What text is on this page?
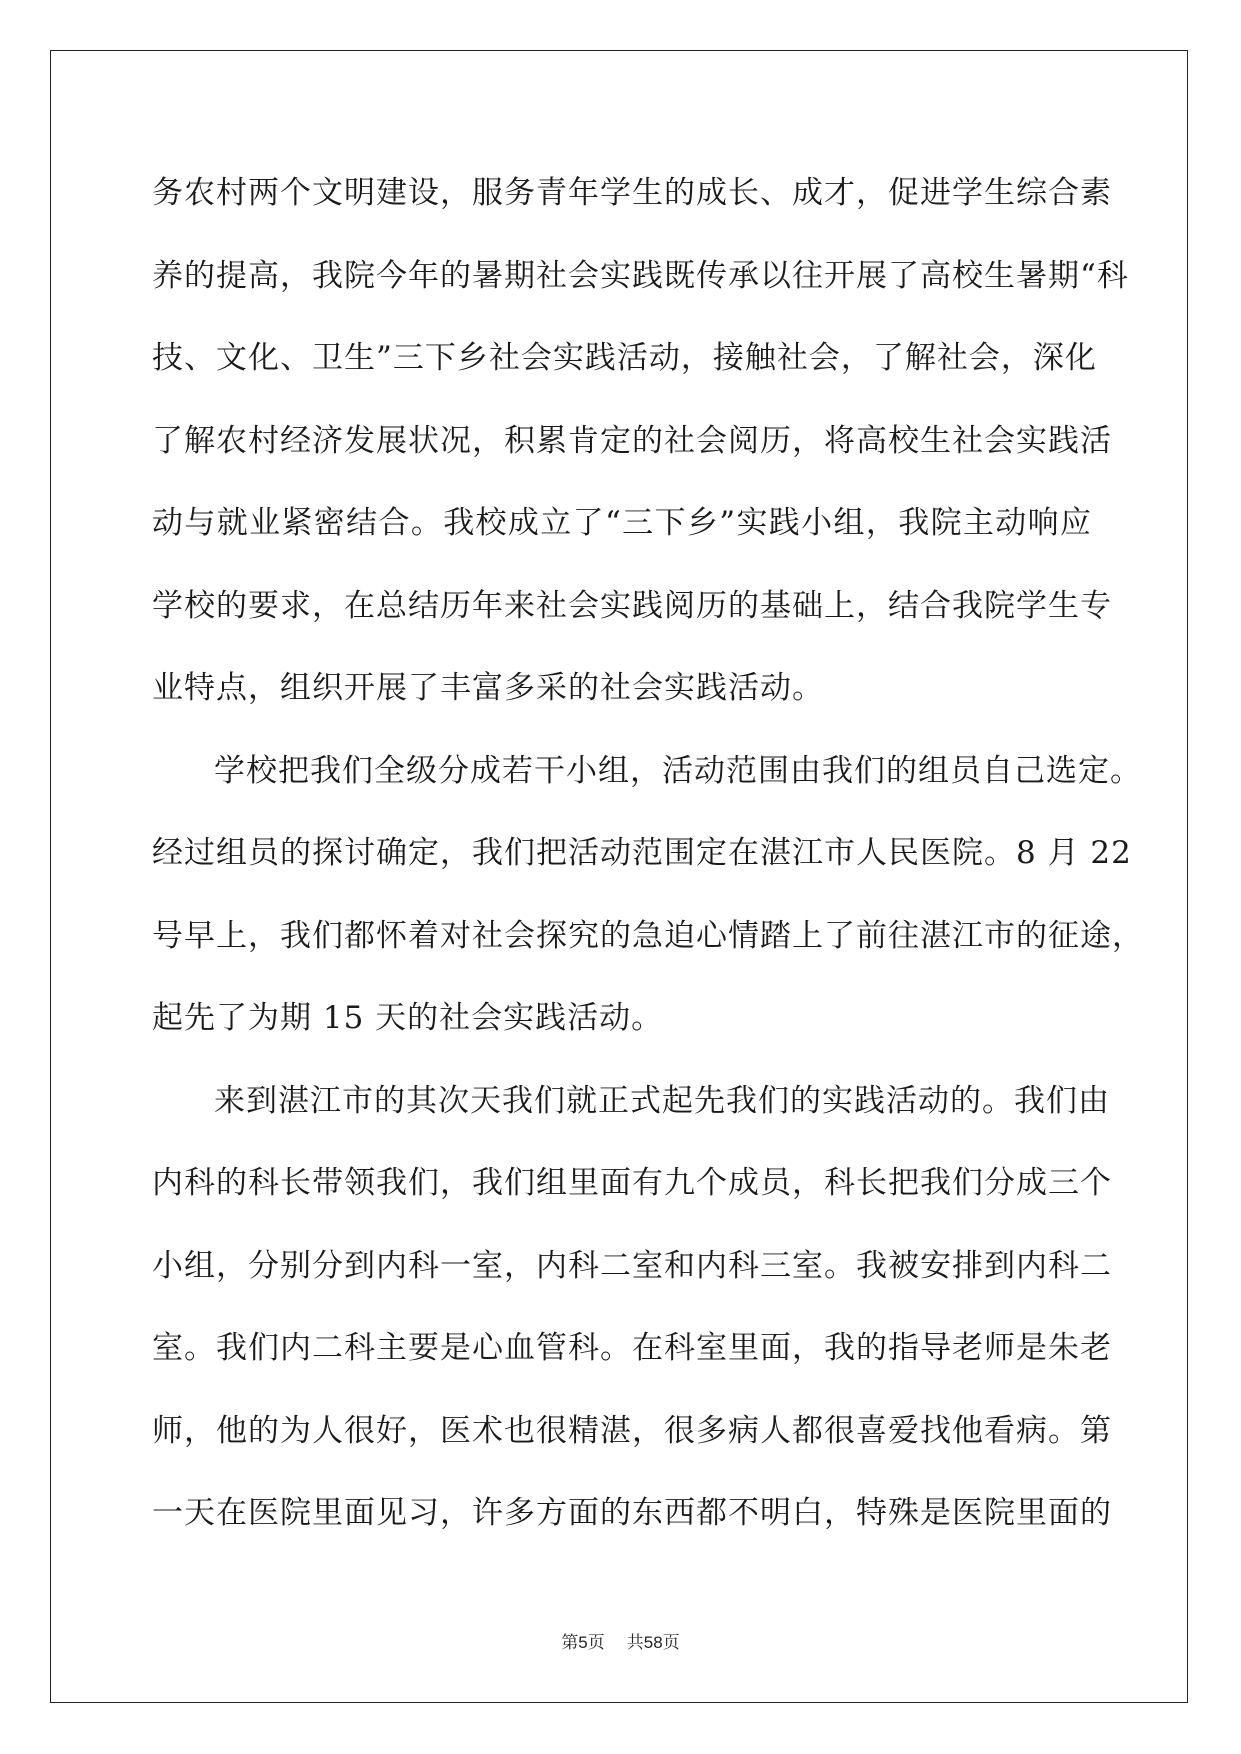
务农村两个文明建设，服务青年学生的成长、成才，促进学生综合素
养的提高，我院今年的暑期社会实践既传承以往开展了高校生暑期“科
技、文化、卫生”三下乡社会实践活动，接触社会，了解社会，深化
了解农村经济发展状况，积累肯定的社会阅历，将高校生社会实践活
动与就业紧密结合。我校成立了“三下乡”实践小组，我院主动响应
学校的要求，在总结历年来社会实践阅历的基础上，结合我院学生专
业特点，组织开展了丰富多采的社会实践活动。
学校把我们全级分成若干小组，活动范围由我们的组员自己选定。
经过组员的探讨确定，我们把活动范围定在湛江市人民医院。8 月 22
号早上，我们都怀着对社会探究的急迫心情踏上了前往湛江市的征途，
起先了为期 15 天的社会实践活动。
来到湛江市的其次天我们就正式起先我们的实践活动的。我们由
内科的科长带领我们，我们组里面有九个成员，科长把我们分成三个
小组，分别分到内科一室，内科二室和内科三室。我被安排到内科二
室。我们内二科主要是心血管科。在科室里面，我的指导老师是朱老
师，他的为人很好，医术也很精湛，很多病人都很喜爱找他看病。第
一天在医院里面见习，许多方面的东西都不明白，特殊是医院里面的
第5页 共58页
